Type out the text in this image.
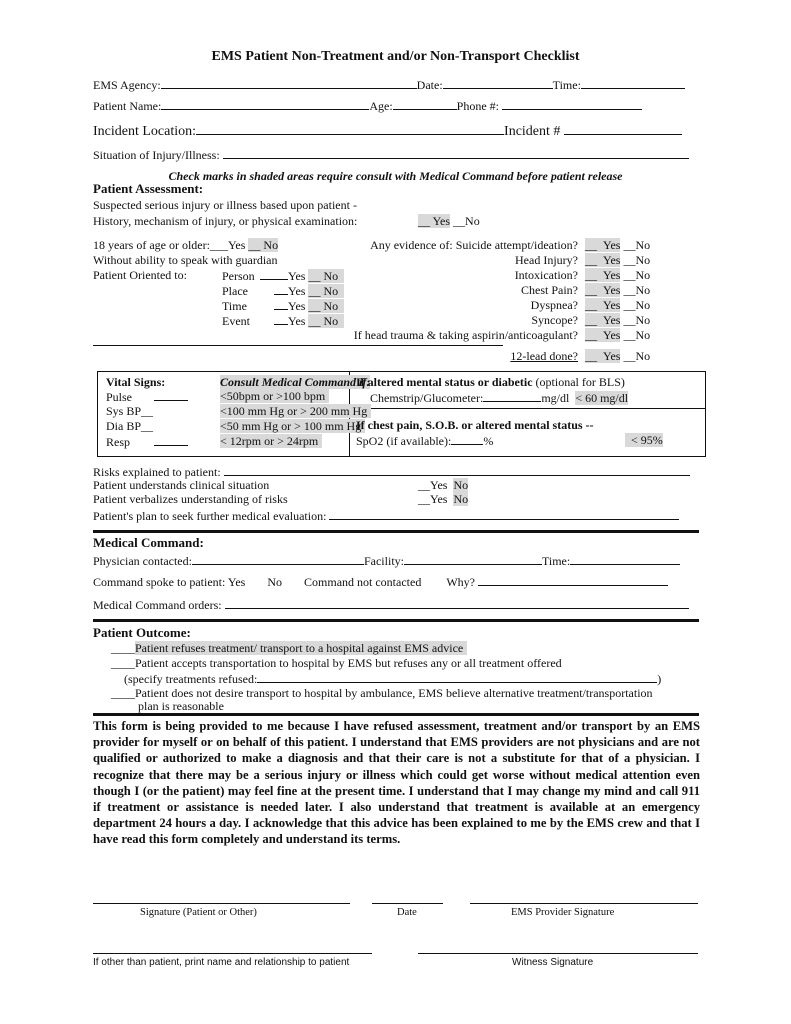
EMS Patient Non-Treatment and/or Non-Transport Checklist
EMS Agency:	Date:	Time:
Patient Name:	Age:	Phone #:
Incident Location:	Incident #
Situation of Injury/Illness:
Check marks in shaded areas require consult with Medical Command before patient release
Patient Assessment:
Suspected serious injury or illness based upon patient -
History, mechanism of injury, or physical examination:	__ Yes __No
18 years of age or older:___Yes __ No
Without ability to speak with guardian
Patient Oriented to:	Person	Yes __ No
Place	Yes __ No
Time	Yes __ No
Event	Yes __ No
Any evidence of: Suicide attempt/ideation? __  Yes __No
Head Injury? __  Yes __No
Intoxication? __  Yes __No
Chest Pain? __  Yes __No
Dyspnea? __  Yes __No
Syncope? __  Yes __No
If head trauma & taking aspirin/anticoagulant? __  Yes __No
12-lead done? __ Yes __No
Vital Signs:	Consult Medical Command if:
Pulse	<50bpm or >100 bpm
Sys BP__	<100 mm Hg or > 200 mm Hg
Dia BP__	<50 mm Hg or > 100 mm Hg
Resp	< 12rpm or > 24rpm
If altered mental status or diabetic (optional for BLS)
Chemstrip/Glucometer:	mg/dl < 60 mg/dl
If chest pain, S.O.B. or altered mental status --
SpO2 (if available):	%	< 95%
Risks explained to patient:
Patient understands clinical situation	__Yes No
Patient verbalizes understanding of risks	__Yes No
Patient's plan to seek further medical evaluation:
Medical Command:
Physician contacted:	Facility:	Time:
Command spoke to patient: Yes No Command not contacted Why?
Medical Command orders:
Patient Outcome:
____Patient refuses treatment/ transport to a hospital against EMS advice
____Patient accepts transportation to hospital by EMS but refuses any or all treatment offered
(specify treatments refused:	)
____Patient does not desire transport to hospital by ambulance, EMS believe alternative treatment/transportation
plan is reasonable
This form is being provided to me because I have refused assessment, treatment and/or transport by an EMS provider for myself or on behalf of this patient. I understand that EMS providers are not physicians and are not qualified or authorized to make a diagnosis and that their care is not a substitute for that of a physician. I recognize that there may be a serious injury or illness which could get worse without medical attention even though I (or the patient) may feel fine at the present time. I understand that I may change my mind and call 911 if treatment or assistance is needed later. I also understand that treatment is available at an emergency department 24 hours a day. I acknowledge that this advice has been explained to me by the EMS crew and that I have read this form completely and understand its terms.
Signature (Patient or Other)	Date	EMS Provider Signature
If other than patient, print name and relationship to patient	Witness Signature
